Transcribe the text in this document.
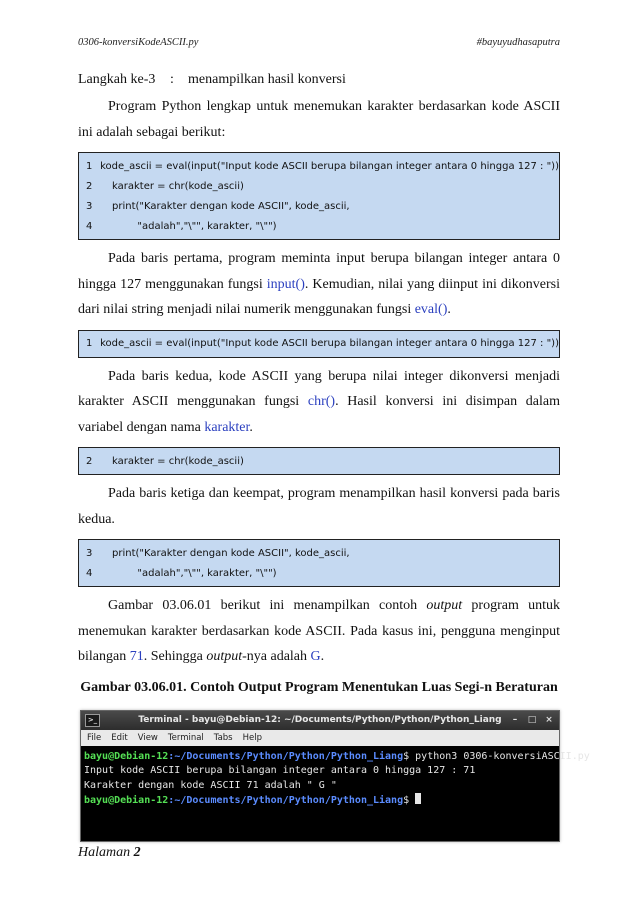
0306-konversiKodeASCII.py	#bayuyudhasaputra
Langkah ke-3	:	menampilkan hasil konversi

Program Python lengkap untuk menemukan karakter berdasarkan kode ASCII ini adalah sebagai berikut:

1 kode_ascii = eval(input("Input kode ASCII berupa bilangan integer antara 0 hingga 127 : "))
2	karakter = chr(kode_ascii)
3	print("Karakter dengan kode ASCII", kode_ascii,
4	"adalah","\"", karakter, "\"")

Pada baris pertama, program meminta input berupa bilangan integer antara 0 hingga 127 menggunakan fungsi input(). Kemudian, nilai yang diinput ini dikonversi dari nilai string menjadi nilai numerik menggunakan fungsi eval().

1 kode_ascii = eval(input("Input kode ASCII berupa bilangan integer antara 0 hingga 127 : "))

Pada baris kedua, kode ASCII yang berupa nilai integer dikonversi menjadi karakter ASCII menggunakan fungsi chr(). Hasil konversi ini disimpan dalam variabel dengan nama karakter.

2	karakter = chr(kode_ascii)

Pada baris ketiga dan keempat, program menampilkan hasil konversi pada baris kedua.

3	print("Karakter dengan kode ASCII", kode_ascii,
4	"adalah","\"", karakter, "\"")

Gambar 03.06.01 berikut ini menampilkan contoh output program untuk menemukan karakter berdasarkan kode ASCII. Pada kasus ini, pengguna menginput bilangan 71. Sehingga output-nya adalah G.

Gambar 03.06.01. Contoh Output Program Menentukan Luas Segi-n Beraturan
>_	Terminal - bayu@Debian-12: ~/Documents/Python/Python/Python_Liang	–	□ ×
File Edit View Terminal Tabs Help
bayu@Debian-12:~/Documents/Python/Python/Python_Liang$ python3 0306-konversiASCII.py
Input kode ASCII berupa bilangan integer antara 0 hingga 127 : 71
Karakter dengan kode ASCII 71 adalah " G "
bayu@Debian-12:~/Documents/Python/Python/Python_Liang$
Halaman 2
